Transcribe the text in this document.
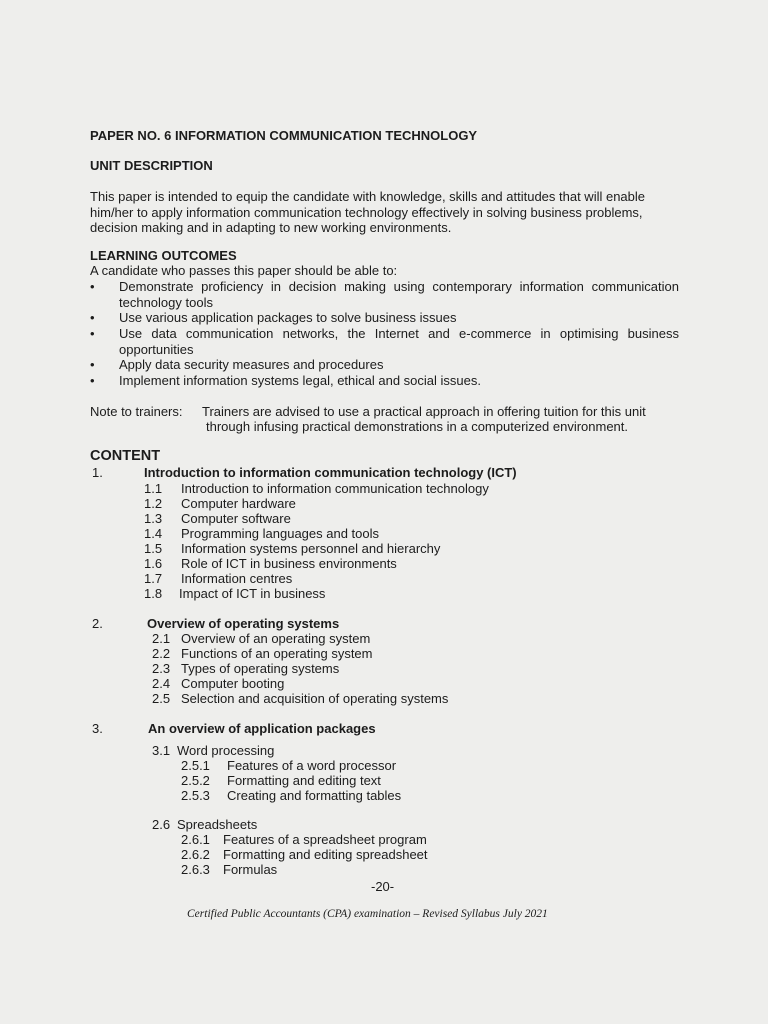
PAPER NO. 6 INFORMATION COMMUNICATION TECHNOLOGY
UNIT DESCRIPTION
This paper is intended to equip the candidate with knowledge, skills and attitudes that will enable
him/her to apply information communication technology effectively in solving business problems,
decision making and in adapting to new working environments.
LEARNING OUTCOMES
A candidate who passes this paper should be able to:
• Demonstrate proficiency in decision making using contemporary information communication technology tools
• Use various application packages to solve business issues
• Use data communication networks, the Internet and e-commerce in optimising business opportunities
• Apply data security measures and procedures
• Implement information systems legal, ethical and social issues.
Note to trainers: Trainers are advised to use a practical approach in offering tuition for this unit
through infusing practical demonstrations in a computerized environment.
CONTENT
1.	Introduction to information communication technology (ICT)
1.1 Introduction to information communication technology
1.2 Computer hardware
1.3 Computer software
1.4 Programming languages and tools
1.5 Information systems personnel and hierarchy
1.6 Role of ICT in business environments
1.7 Information centres
1.8 Impact of ICT in business
2.	Overview of operating systems
2.1 Overview of an operating system
2.2 Functions of an operating system
2.3 Types of operating systems
2.4 Computer booting
2.5 Selection and acquisition of operating systems
3.	An overview of application packages
3.1 Word processing
2.5.1 Features of a word processor
2.5.2 Formatting and editing text
2.5.3 Creating and formatting tables
2.6 Spreadsheets
2.6.1 Features of a spreadsheet program
2.6.2 Formatting and editing spreadsheet
2.6.3 Formulas
-20-
Certified Public Accountants (CPA) examination – Revised Syllabus July 2021
